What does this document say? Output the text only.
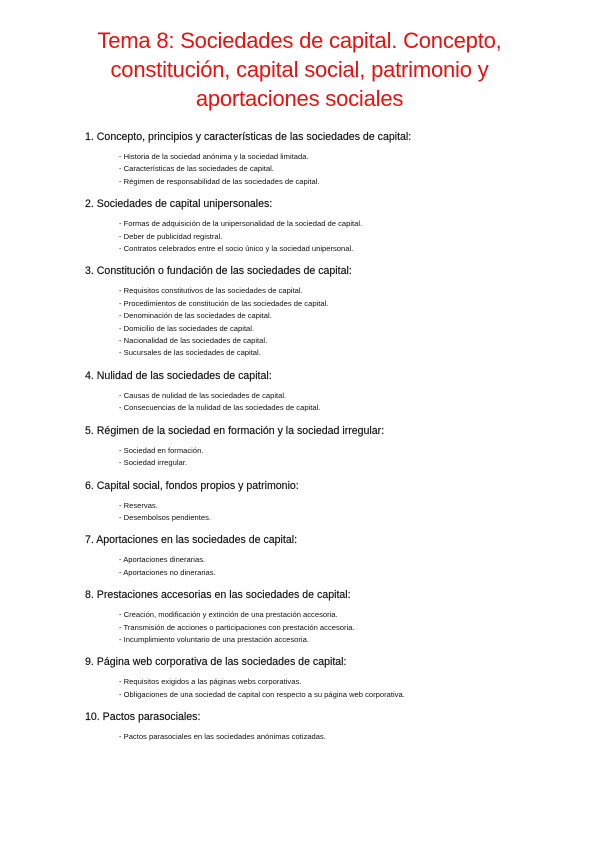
Tema 8: Sociedades de capital. Concepto,
constitución, capital social, patrimonio y
aportaciones sociales
1. Concepto, principios y características de las sociedades de capital:
- Historia de la sociedad anónima y la sociedad limitada.
- Características de las sociedades de capital.
- Régimen de responsabilidad de las sociedades de capital.
2. Sociedades de capital unipersonales:
- Formas de adquisición de la unipersonalidad de la sociedad de capital.
- Deber de publicidad registral.
- Contratos celebrados entre el socio único y la sociedad unipersonal.
3. Constitución o fundación de las sociedades de capital:
- Requisitos constitutivos de las sociedades de capital.
- Procedimientos de constitución de las sociedades de capital.
- Denominación de las sociedades de capital.
- Domicilio de las sociedades de capital.
- Nacionalidad de las sociedades de capital.
- Sucursales de las sociedades de capital.
4. Nulidad de las sociedades de capital:
- Causas de nulidad de las sociedades de capital.
- Consecuencias de la nulidad de las sociedades de capital.
5. Régimen de la sociedad en formación y la sociedad irregular:
- Sociedad en formación.
- Sociedad irregular.
6. Capital social, fondos propios y patrimonio:
- Reservas.
- Desembolsos pendientes.
7. Aportaciones en las sociedades de capital:
- Aportaciones dinerarias.
- Aportaciones no dinerarias.
8. Prestaciones accesorias en las sociedades de capital:
- Creación, modificación y extinción de una prestación accesoria.
- Transmisión de acciones o participaciones con prestación accesoria.
- Incumplimiento voluntario de una prestación accesoria.
9. Página web corporativa de las sociedades de capital:
- Requisitos exigidos a las páginas webs corporativas.
- Obligaciones de una sociedad de capital con respecto a su página web corporativa.
10. Pactos parasociales:
- Pactos parasociales en las sociedades anónimas cotizadas.
